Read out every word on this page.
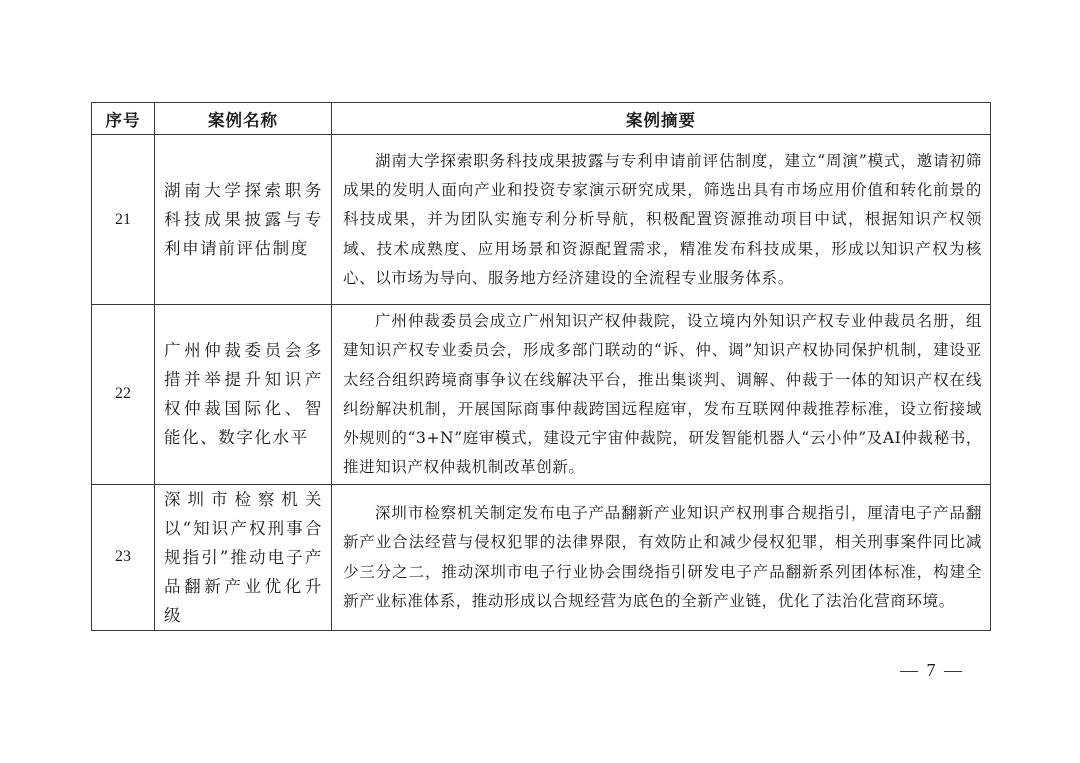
序号	案例名称	案例摘要
21	湖南大学探索职务科技成果披露与专利申请前评估制度	湖南大学探索职务科技成果披露与专利申请前评估制度，建立“周演”模式，邀请初筛成果的发明人面向产业和投资专家演示研究成果，筛选出具有市场应用价值和转化前景的科技成果，并为团队实施专利分析导航，积极配置资源推动项目中试，根据知识产权领域、技术成熟度、应用场景和资源配置需求，精准发布科技成果，形成以知识产权为核心、以市场为导向、服务地方经济建设的全流程专业服务体系。
22	广州仲裁委员会多措并举提升知识产权仲裁国际化、智能化、数字化水平	广州仲裁委员会成立广州知识产权仲裁院，设立境内外知识产权专业仲裁员名册，组建知识产权专业委员会，形成多部门联动的“诉、仲、调”知识产权协同保护机制，建设亚太经合组织跨境商事争议在线解决平台，推出集谈判、调解、仲裁于一体的知识产权在线纠纷解决机制，开展国际商事仲裁跨国远程庭审，发布互联网仲裁推荐标准，设立衔接域外规则的“3+N”庭审模式，建设元宇宙仲裁院，研发智能机器人“云小仲”及AI仲裁秘书，推进知识产权仲裁机制改革创新。
23	深圳市检察机关以“知识产权刑事合规指引”推动电子产品翻新产业优化升级	深圳市检察机关制定发布电子产品翻新产业知识产权刑事合规指引，厘清电子产品翻新产业合法经营与侵权犯罪的法律界限，有效防止和减少侵权犯罪，相关刑事案件同比减少三分之二，推动深圳市电子行业协会围绕指引研发电子产品翻新系列团体标准，构建全新产业标准体系，推动形成以合规经营为底色的全新产业链，优化了法治化营商环境。
— 7 —
